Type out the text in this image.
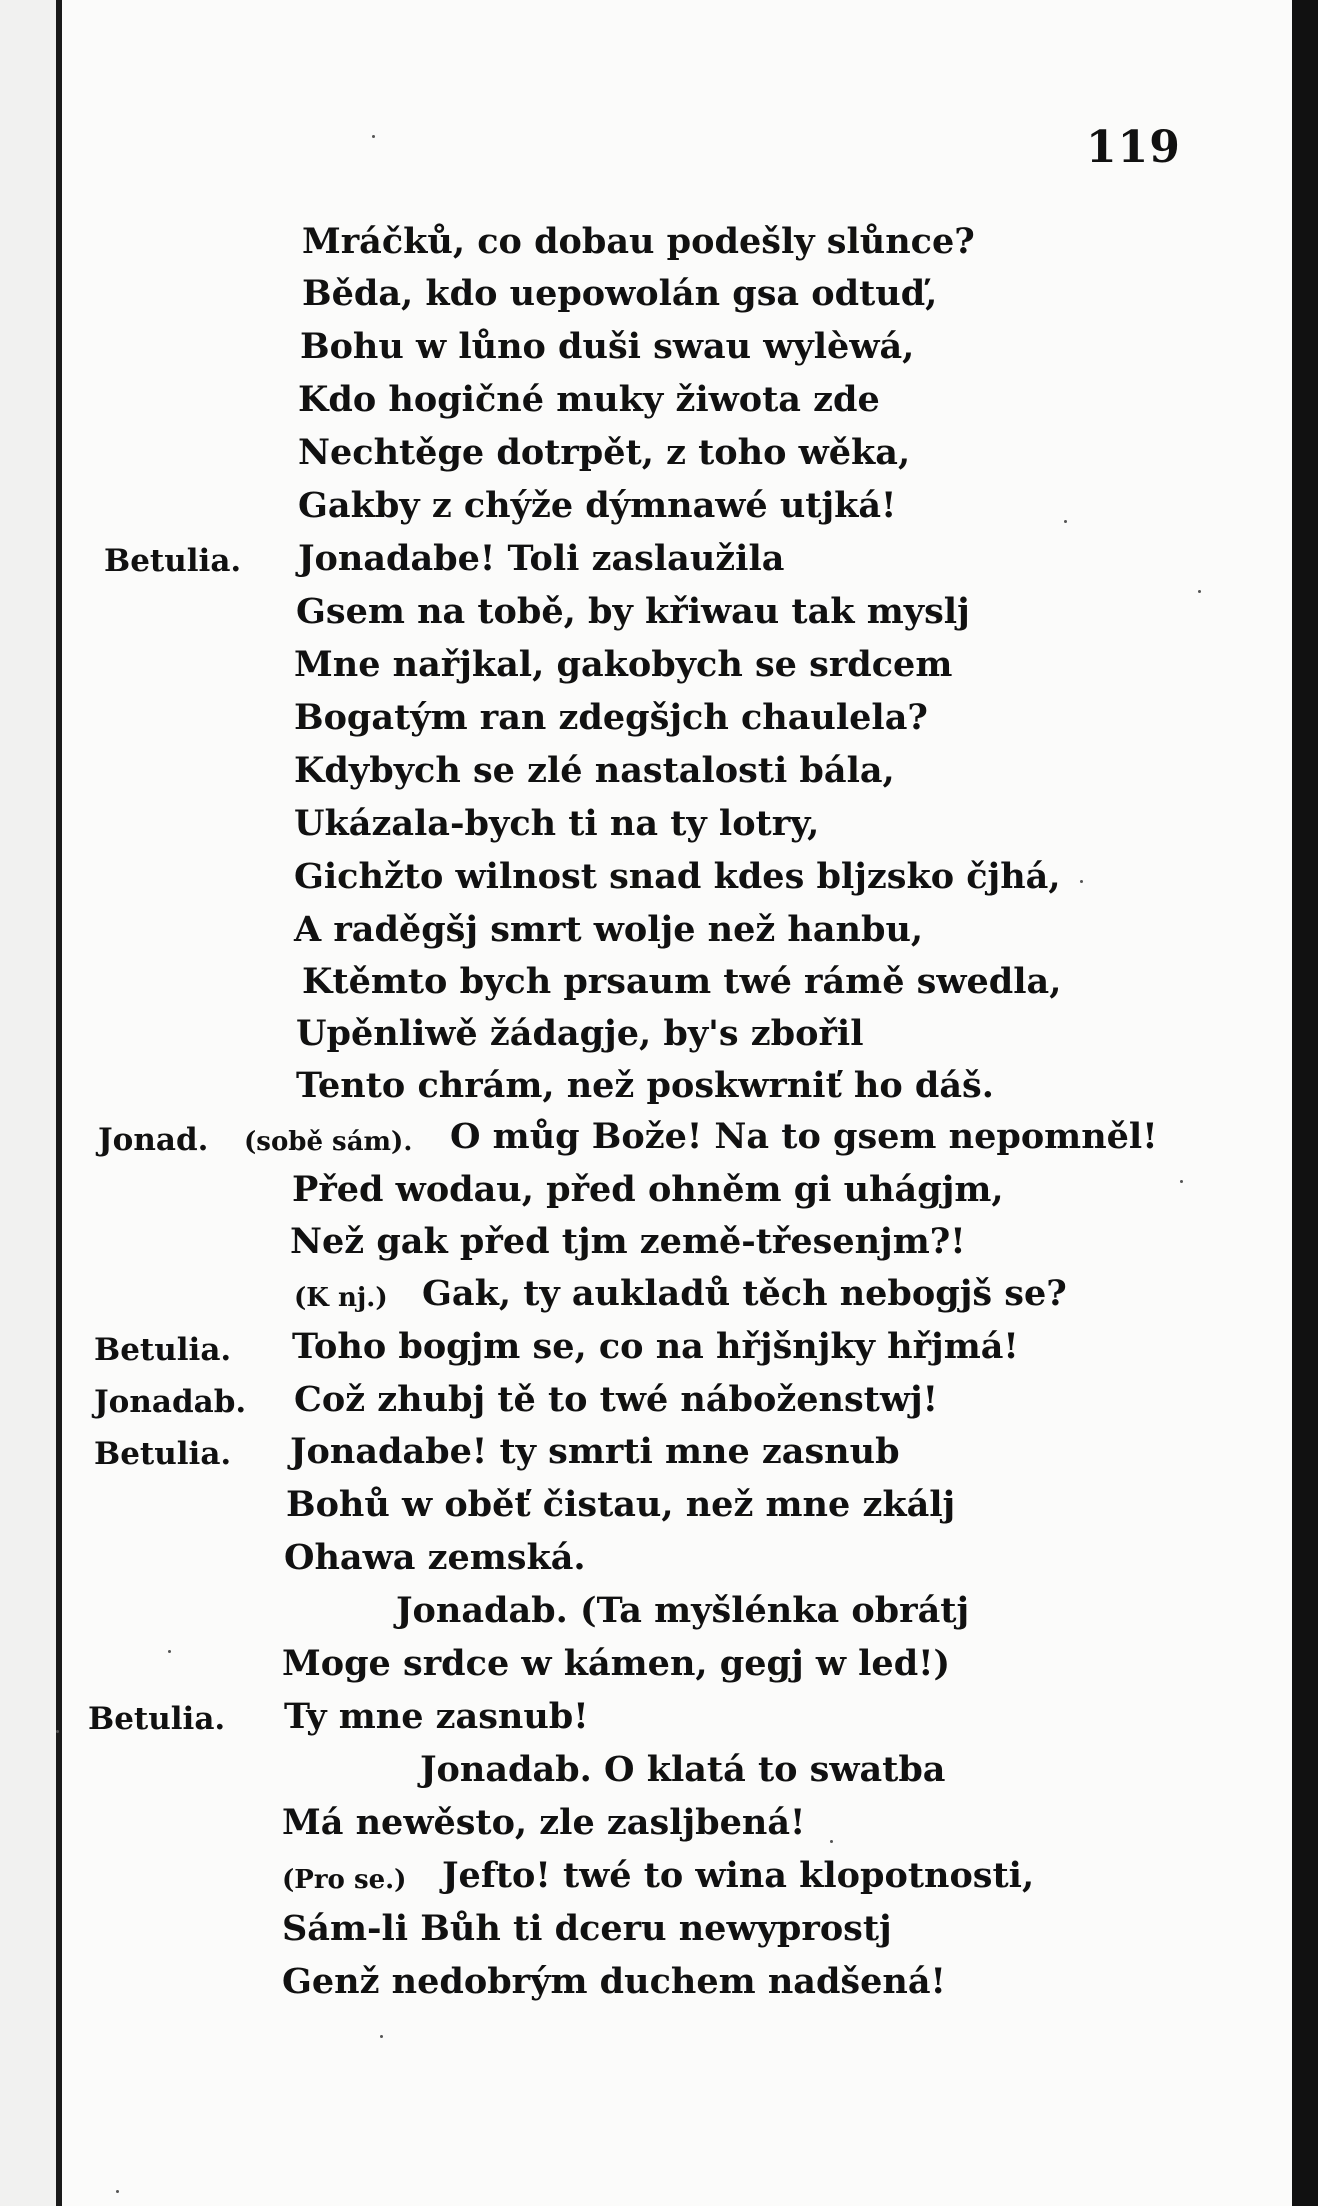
119
Mráčků, co dobau podešly slůnce?
Běda, kdo uepowolán gsa odtuď,
Bohu w lůno duši swau wylèwá,
Kdo hogičné muky žiwota zde
Nechtěge dotrpět, z toho wěka,
Gakby z chýže dýmnawé utjká!
Betulia. Jonadabe! Toli zaslaužila
Gsem na tobě, by křiwau tak myslj
Mne nařjkal, gakobych se srdcem
Bogatým ran zdegšjch chaulela?
Kdybych se zlé nastalosti bála,
Ukázala-bych ti na ty lotry,
Gichžto wilnost snad kdes bljzsko čjhá,
A raděgšj smrt wolje než hanbu,
Ktěmto bych prsaum twé rámě swedla,
Upěnliwě žádagje, by's zbořil
Tento chrám, než poskwrniť ho dáš.
Jonad. (sobě sám). O můg Bože! Na to gsem nepomněl!
Před wodau, před ohněm gi uhágjm,
Než gak před tjm země-třesenjm?!
(K nj.) Gak, ty aukladů těch nebogjš se?
Betulia. Toho bogjm se, co na hřjšnjky hřjmá!
Jonadab. Což zhubj tě to twé náboženstwj!
Betulia. Jonadabe! ty smrti mne zasnub
Bohů w oběť čistau, než mne zkálj
Ohawa zemská.
Jonadab. (Ta myšlénka obrátj
Moge srdce w kámen, gegj w led!)
Betulia. Ty mne zasnub!
Jonadab. O klatá to swatba
Má newěsto, zle zasljbená!
(Pro se.) Jefto! twé to wina klopotnosti,
Sám-li Bůh ti dceru newyprostj
Genž nedobrým duchem nadšená!
